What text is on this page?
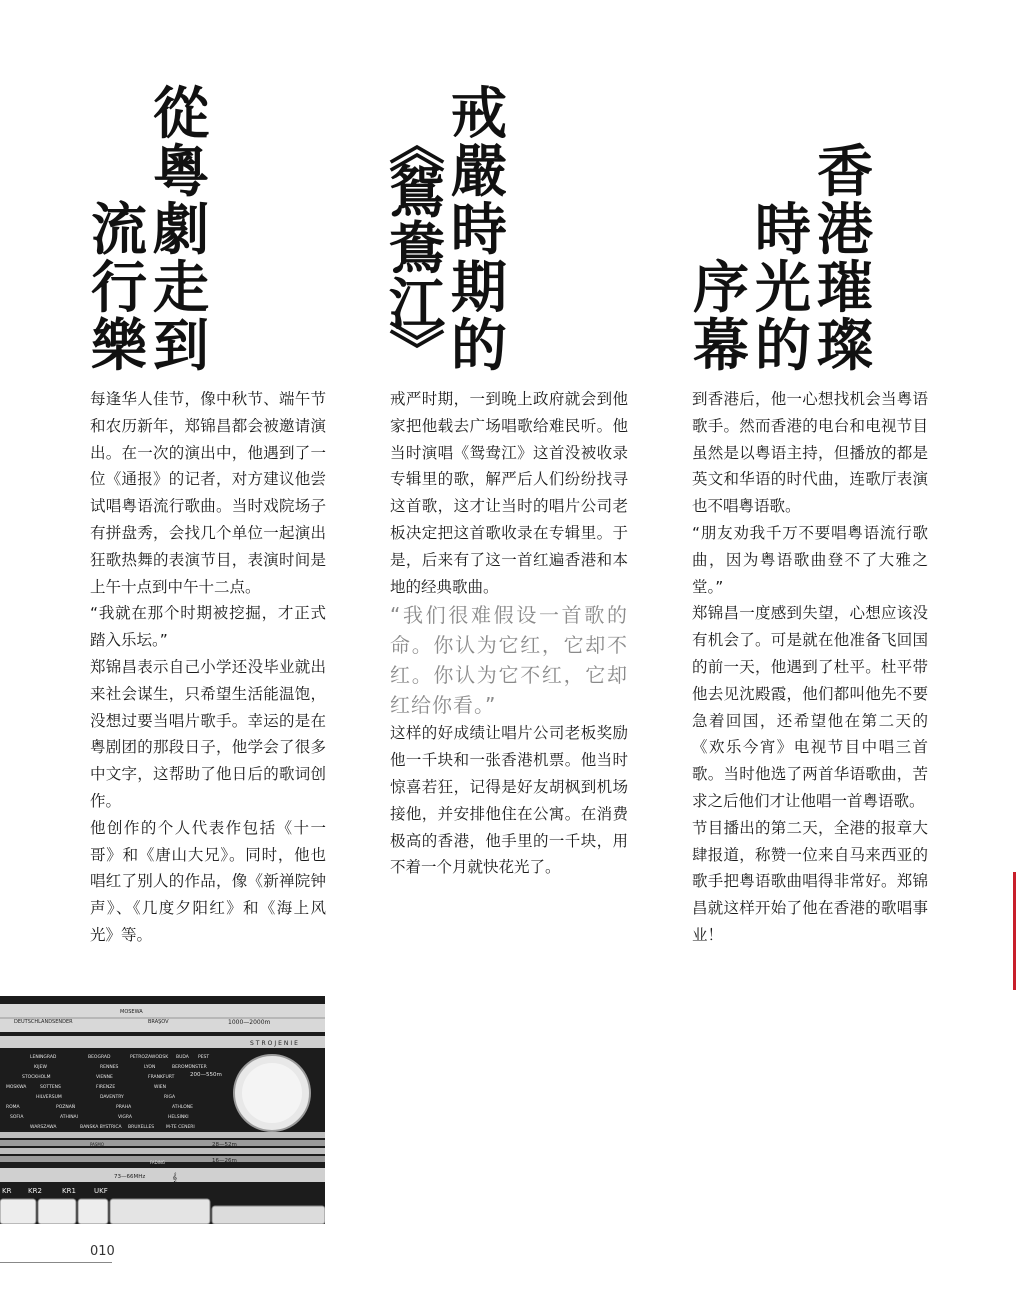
從
粵
劇
走
到
流
行
樂
戒
嚴
時
期
的
︽
鴛
鴦
江
︾
香
港
璀
璨
時
光
的
序
幕

每逢华人佳节，像中秋节、端午节和农历新年，郑锦昌都会被邀请演出。在一次的演出中，他遇到了一位《通报》的记者，对方建议他尝试唱粤语流行歌曲。当时戏院场子有拼盘秀，会找几个单位一起演出狂歌热舞的表演节目，表演时间是上午十点到中午十二点。

“我就在那个时期被挖掘，才正式踏入乐坛。”

郑锦昌表示自己小学还没毕业就出来社会谋生，只希望生活能温饱，没想过要当唱片歌手。幸运的是在粤剧团的那段日子，他学会了很多中文字，这帮助了他日后的歌词创作。

他创作的个人代表作包括《十一哥》和《唐山大兄》。同时，他也唱红了别人的作品，像《新禅院钟声》、《几度夕阳红》和《海上风光》等。

戒严时期，一到晚上政府就会到他家把他载去广场唱歌给难民听。他当时演唱《鸳鸯江》这首没被收录专辑里的歌，解严后人们纷纷找寻这首歌，这才让当时的唱片公司老板决定把这首歌收录在专辑里。于是，后来有了这一首红遍香港和本地的经典歌曲。

“我们很难假设一首歌的命。你认为它红，它却不红。你认为它不红，它却红给你看。”

这样的好成绩让唱片公司老板奖励他一千块和一张香港机票。他当时惊喜若狂，记得是好友胡枫到机场接他，并安排他住在公寓。在消费极高的香港，他手里的一千块，用不着一个月就快花光了。

到香港后，他一心想找机会当粤语歌手。然而香港的电台和电视节目虽然是以粤语主持，但播放的都是英文和华语的时代曲，连歌厅表演也不唱粤语歌。

“朋友劝我千万不要唱粤语流行歌曲，因为粤语歌曲登不了大雅之堂。”

郑锦昌一度感到失望，心想应该没有机会了。可是就在他准备飞回国的前一天，他遇到了杜平。杜平带他去见沈殿霞，他们都叫他先不要急着回国，还希望他在第二天的《欢乐今宵》电视节目中唱三首歌。当时他选了两首华语歌曲，苦求之后他们才让他唱一首粤语歌。

节目播出的第二天，全港的报章大肆报道，称赞一位来自马来西亚的歌手把粤语歌曲唱得非常好。郑锦昌就这样开始了他在香港的歌唱事业！

MOSEWA
DEUTSCHLANDSENDER	BRAŞOV	1000—2000m
STROJENIE
LENINGRAD	BEOGRAD	PETROZAWODSK BUDA PEST
KIJEW	RENNES	LYON	BEROMÜNSTER
STOCKHOLM	VIENNE	FRANKFURT
MOSKWA	SOTTENS	FIRENZE	WIEN
HILVERSUM	DAVENTRY	RIGA
ROMA	POZNAŃ	PRAHA	ATHLONE
SOFIA	ATHINAI	VIGRA	HELSINKI
WARSZAWA	BANSKA BYSTRICA BRUXELLES	M-TE CENERI
200—550m
28—52m
PASMO
16—26m
FADING
73—66MHz	𝄞
KR KR2	KR1	UKF
010
